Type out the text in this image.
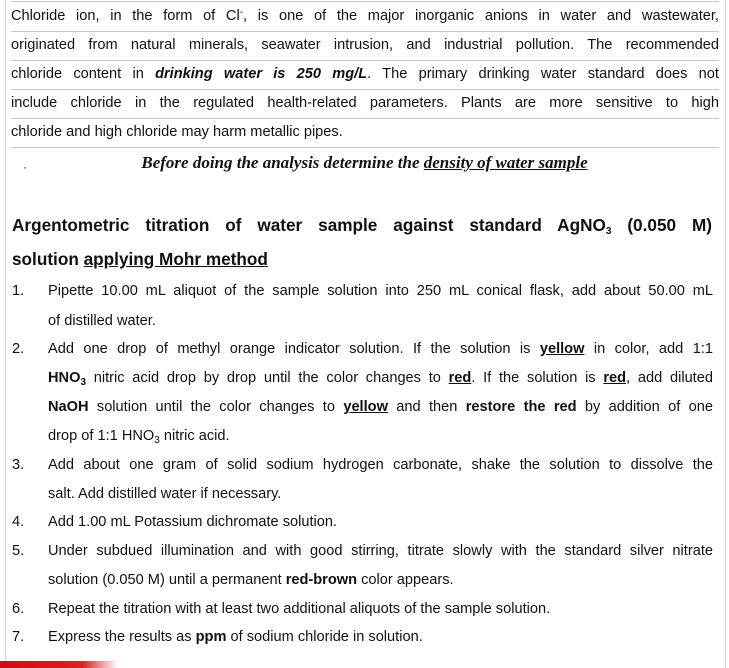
Chloride ion, in the form of Cl-, is one of the major inorganic anions in water and wastewater,

originated from natural minerals, seawater intrusion, and industrial pollution. The recommended

chloride content in drinking water is 250 mg/L. The primary drinking water standard does not

include chloride in the regulated health-related parameters. Plants are more sensitive to high

chloride and high chloride may harm metallic pipes.

·	Before doing the analysis determine the density of water sample
Argentometric titration of water sample against standard AgNO$_3$ (0.050 M)
solution applying Mohr method
1. Pipette 10.00 mL aliquot of the sample solution into 250 mL conical flask, add about 50.00 mL
of distilled water.
2. Add one drop of methyl orange indicator solution. If the solution is yellow in color, add 1:1
$HNO_3$ nitric acid drop by drop until the color changes to red. If the solution is red, add diluted
NaOH solution until the color changes to yellow and then restore the red by addition of one
drop of 1:1 $HNO_3$ nitric acid.
3. Add about one gram of solid sodium hydrogen carbonate, shake the solution to dissolve the
salt. Add distilled water if necessary.
4. Add 1.00 mL Potassium dichromate solution.
5. Under subdued illumination and with good stirring, titrate slowly with the standard silver nitrate
solution (0.050 M) until a permanent red-brown color appears.
6. Repeat the titration with at least two additional aliquots of the sample solution.
7. Express the results as ppm of sodium chloride in solution.
